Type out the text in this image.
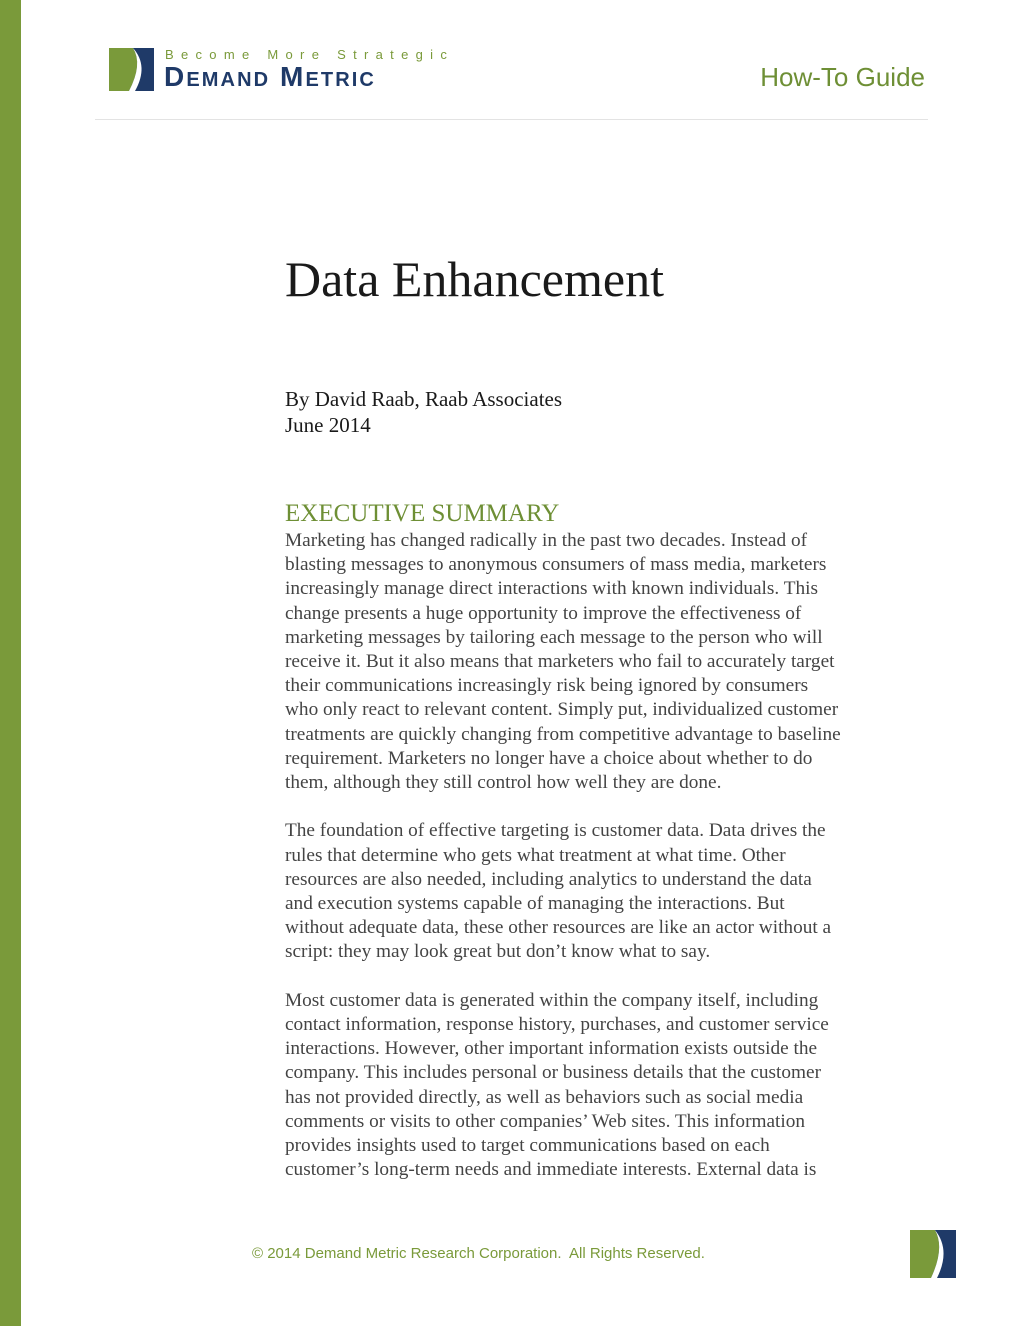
Become More Strategic
Demand Metric	How-To Guide
Data Enhancement
By David Raab, Raab Associates
June 2014
EXECUTIVE SUMMARY

Marketing has changed radically in the past two decades. Instead of
blasting messages to anonymous consumers of mass media, marketers
increasingly manage direct interactions with known individuals. This
change presents a huge opportunity to improve the effectiveness of
marketing messages by tailoring each message to the person who will
receive it. But it also means that marketers who fail to accurately target
their communications increasingly risk being ignored by consumers
who only react to relevant content. Simply put, individualized customer
treatments are quickly changing from competitive advantage to baseline
requirement. Marketers no longer have a choice about whether to do
them, although they still control how well they are done.

The foundation of effective targeting is customer data. Data drives the
rules that determine who gets what treatment at what time. Other
resources are also needed, including analytics to understand the data
and execution systems capable of managing the interactions. But
without adequate data, these other resources are like an actor without a
script: they may look great but don’t know what to say.

Most customer data is generated within the company itself, including
contact information, response history, purchases, and customer service
interactions. However, other important information exists outside the
company. This includes personal or business details that the customer
has not provided directly, as well as behaviors such as social media
comments or visits to other companies’ Web sites. This information
provides insights used to target communications based on each
customer’s long-term needs and immediate interests. External data is

© 2014 Demand Metric Research Corporation.  All Rights Reserved.
